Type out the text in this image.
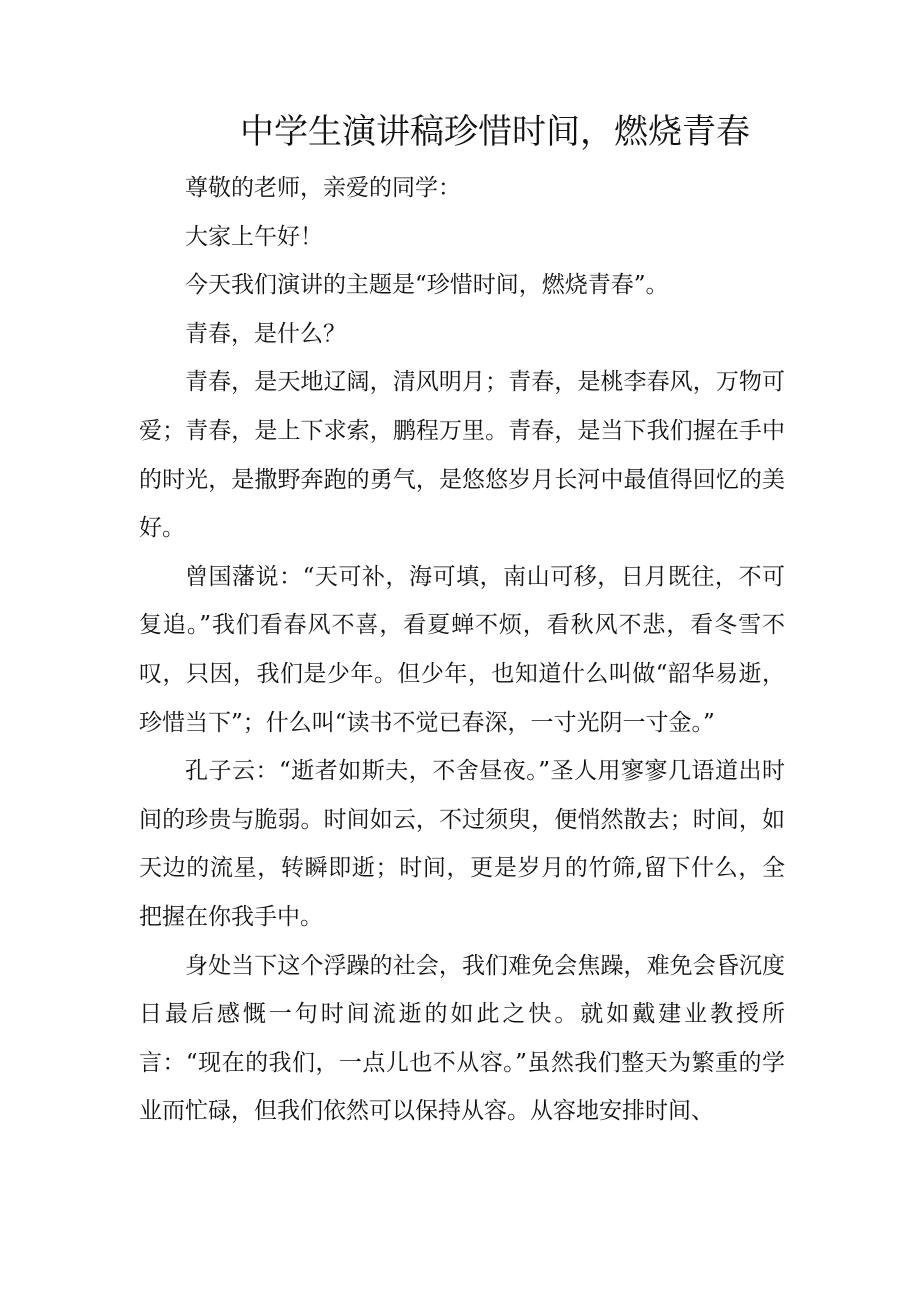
中学生演讲稿珍惜时间，燃烧青春

尊敬的老师，亲爱的同学：

大家上午好！

今天我们演讲的主题是“珍惜时间，燃烧青春”。

青春，是什么？

青春，是天地辽阔，清风明月；青春，是桃李春风，万物可爱；青春，是上下求索，鹏程万里。青春，是当下我们握在手中的时光，是撒野奔跑的勇气，是悠悠岁月长河中最值得回忆的美好。

曾国藩说：“天可补，海可填，南山可移，日月既往，不可复追。”我们看春风不喜，看夏蝉不烦，看秋风不悲，看冬雪不叹，只因，我们是少年。但少年，也知道什么叫做“韶华易逝，珍惜当下”；什么叫“读书不觉已春深，一寸光阴一寸金。”

孔子云：“逝者如斯夫，不舍昼夜。”圣人用寥寥几语道出时间的珍贵与脆弱。时间如云，不过须臾，便悄然散去；时间，如天边的流星，转瞬即逝；时间，更是岁月的竹筛,留下什么，全把握在你我手中。

身处当下这个浮躁的社会，我们难免会焦躁，难免会昏沉度日最后感慨一句时间流逝的如此之快。就如戴建业教授所言：“现在的我们，一点儿也不从容。”虽然我们整天为繁重的学业而忙碌，但我们依然可以保持从容。从容地安排时间、
